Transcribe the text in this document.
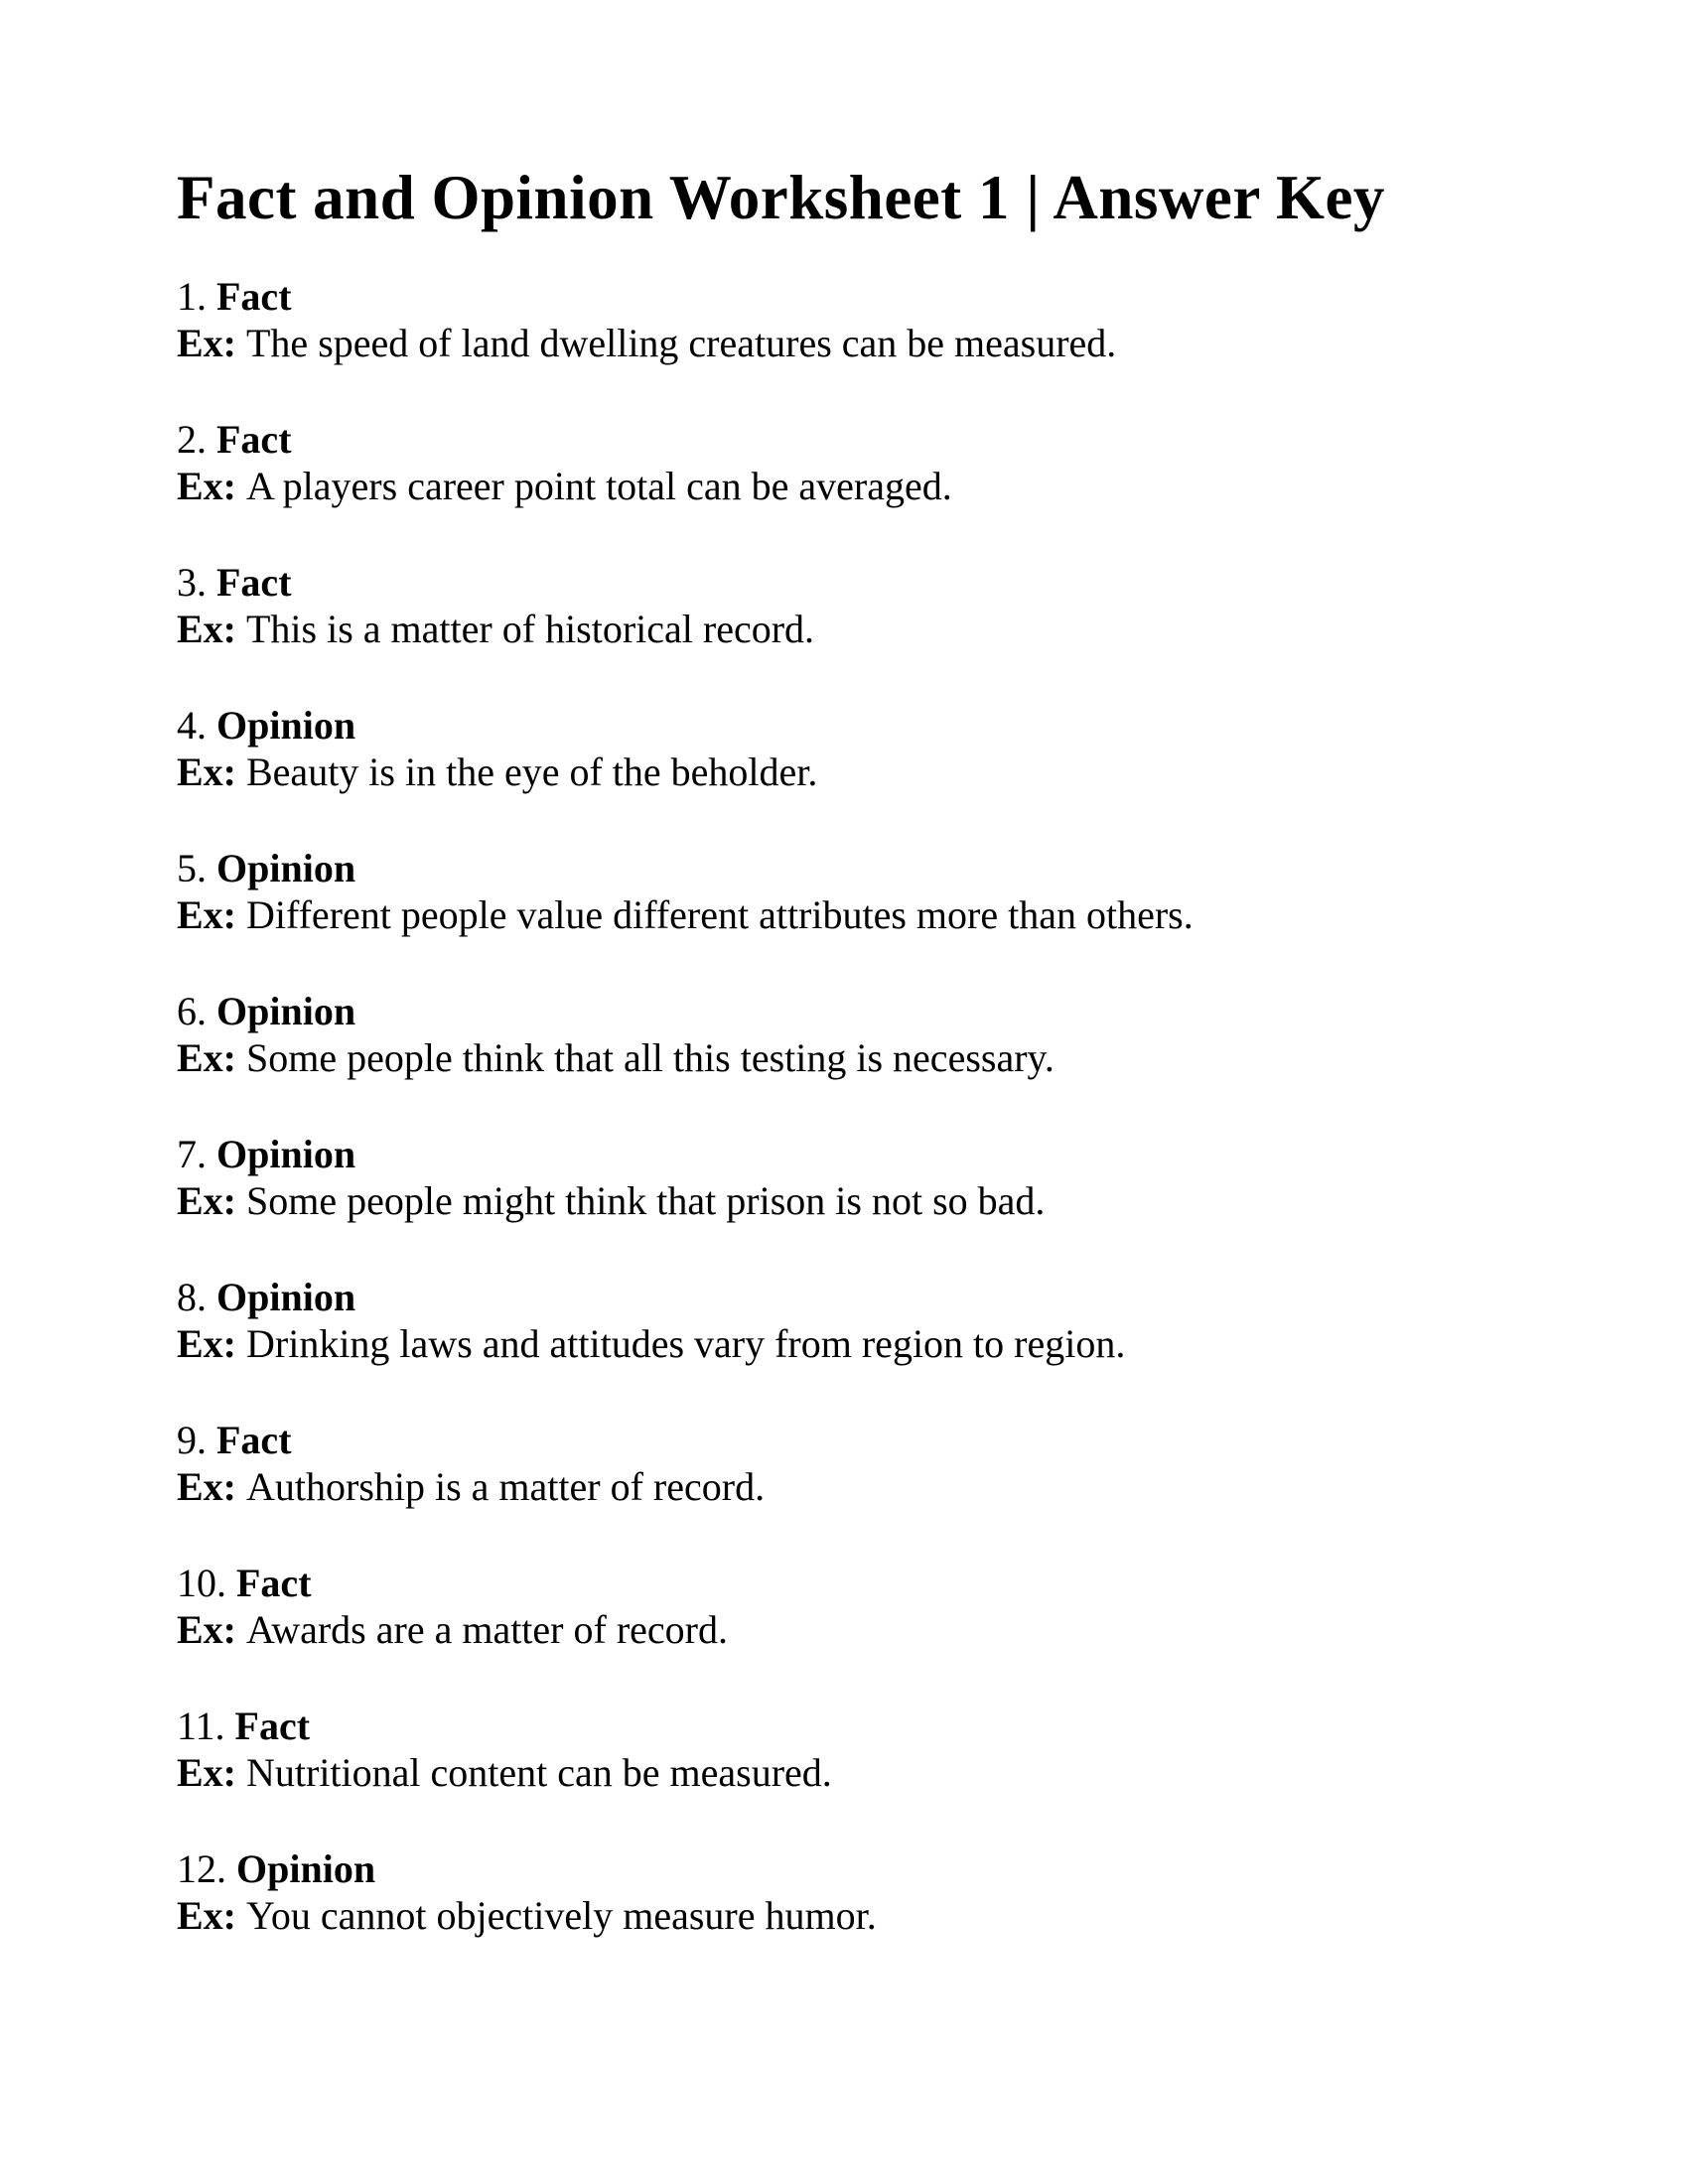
Fact and Opinion Worksheet 1 | Answer Key
1. Fact
Ex: The speed of land dwelling creatures can be measured.
2. Fact
Ex: A players career point total can be averaged.
3. Fact
Ex: This is a matter of historical record.
4. Opinion
Ex: Beauty is in the eye of the beholder.
5. Opinion
Ex: Different people value different attributes more than others.
6. Opinion
Ex: Some people think that all this testing is necessary.
7. Opinion
Ex: Some people might think that prison is not so bad.
8. Opinion
Ex: Drinking laws and attitudes vary from region to region.
9. Fact
Ex: Authorship is a matter of record.
10. Fact
Ex: Awards are a matter of record.
11. Fact
Ex: Nutritional content can be measured.
12. Opinion
Ex: You cannot objectively measure humor.
